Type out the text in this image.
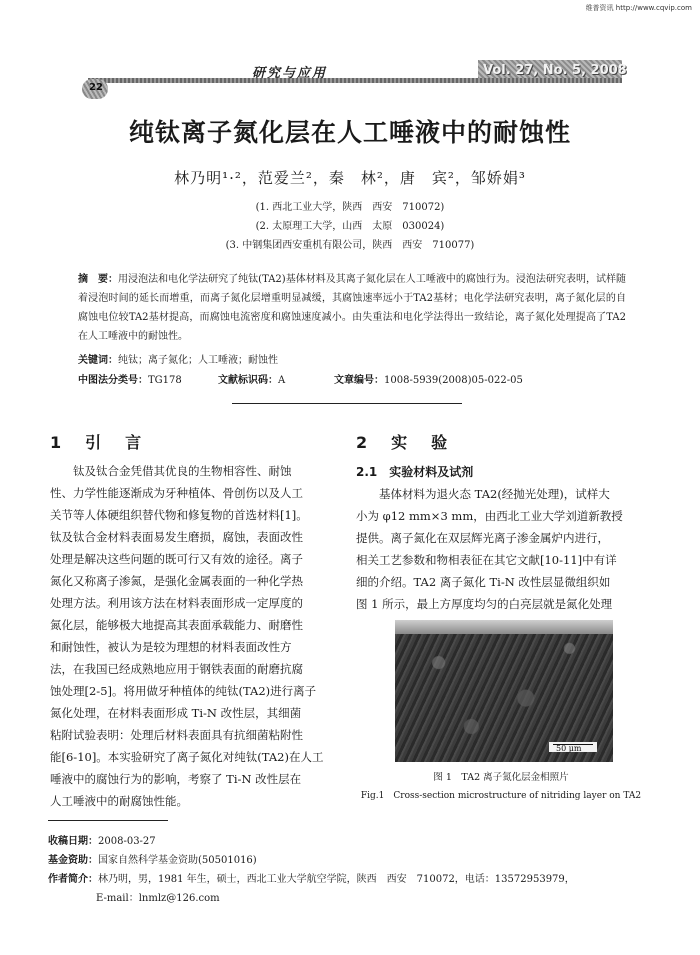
维普资讯 http://www.cqvip.com
Vol. 27, No. 5, 2008
研究与应用
22
纯钛离子氮化层在人工唾液中的耐蚀性
林乃明¹·²，范爱兰²，秦　林²，唐　宾²，邹娇娟³
(1. 西北工业大学，陕西　西安　710072)
(2. 太原理工大学，山西　太原　030024)
(3. 中钢集团西安重机有限公司，陕西　西安　710077)
摘　要：用浸泡法和电化学法研究了纯钛(TA2)基体材料及其离子氮化层在人工唾液中的腐蚀行为。浸泡法研究表明，试样随着浸泡时间的延长而增重，而离子氮化层增重明显减缓，其腐蚀速率远小于TA2基材；电化学法研究表明，离子氮化层的自腐蚀电位较TA2基材提高，而腐蚀电流密度和腐蚀速度减小。由失重法和电化学法得出一致结论，离子氮化处理提高了TA2在人工唾液中的耐蚀性。
关键词：纯钛；离子氮化；人工唾液；耐蚀性
中图法分类号：TG178	文献标识码：A	文章编号：1008-5939(2008)05-022-05
1　引　言
钛及钛合金凭借其优良的生物相容性、耐蚀
性、力学性能逐渐成为牙种植体、骨创伤以及人工
关节等人体硬组织替代物和修复物的首选材料[1]。
钛及钛合金材料表面易发生磨损，腐蚀，表面改性
处理是解决这些问题的既可行又有效的途径。离子
氮化又称离子渗氮，是强化金属表面的一种化学热
处理方法。利用该方法在材料表面形成一定厚度的
氮化层，能够极大地提高其表面承载能力、耐磨性
和耐蚀性，被认为是较为理想的材料表面改性方
法，在我国已经成熟地应用于钢铁表面的耐磨抗腐
蚀处理[2-5]。将用做牙种植体的纯钛(TA2)进行离子
氮化处理，在材料表面形成 Ti-N 改性层，其细菌
粘附试验表明：处理后材料表面具有抗细菌粘附性
能[6-10]。本实验研究了离子氮化对纯钛(TA2)在人工
唾液中的腐蚀行为的影响，考察了 Ti-N 改性层在
人工唾液中的耐腐蚀性能。
2　实　验
2.1　实验材料及试剂
基体材料为退火态 TA2(经抛光处理)，试样大
小为 φ12 mm×3 mm，由西北工业大学刘道新教授
提供。离子氮化在双层辉光离子渗金属炉内进行，
相关工艺参数和物相表征在其它文献[10-11]中有详
细的介绍。TA2 离子氮化 Ti-N 改性层显微组织如
图 1 所示，最上方厚度均匀的白亮层就是氮化处理
50 μm
图 1　TA2 离子氮化层金相照片
Fig.1　Cross-section microstructure of nitriding layer on TA2
收稿日期：2008-03-27
基金资助：国家自然科学基金资助(50501016)
作者简介：林乃明，男，1981 年生，硕士，西北工业大学航空学院，陕西　西安　710072，电话：13572953979，
E-mail：lnmlz@126.com
